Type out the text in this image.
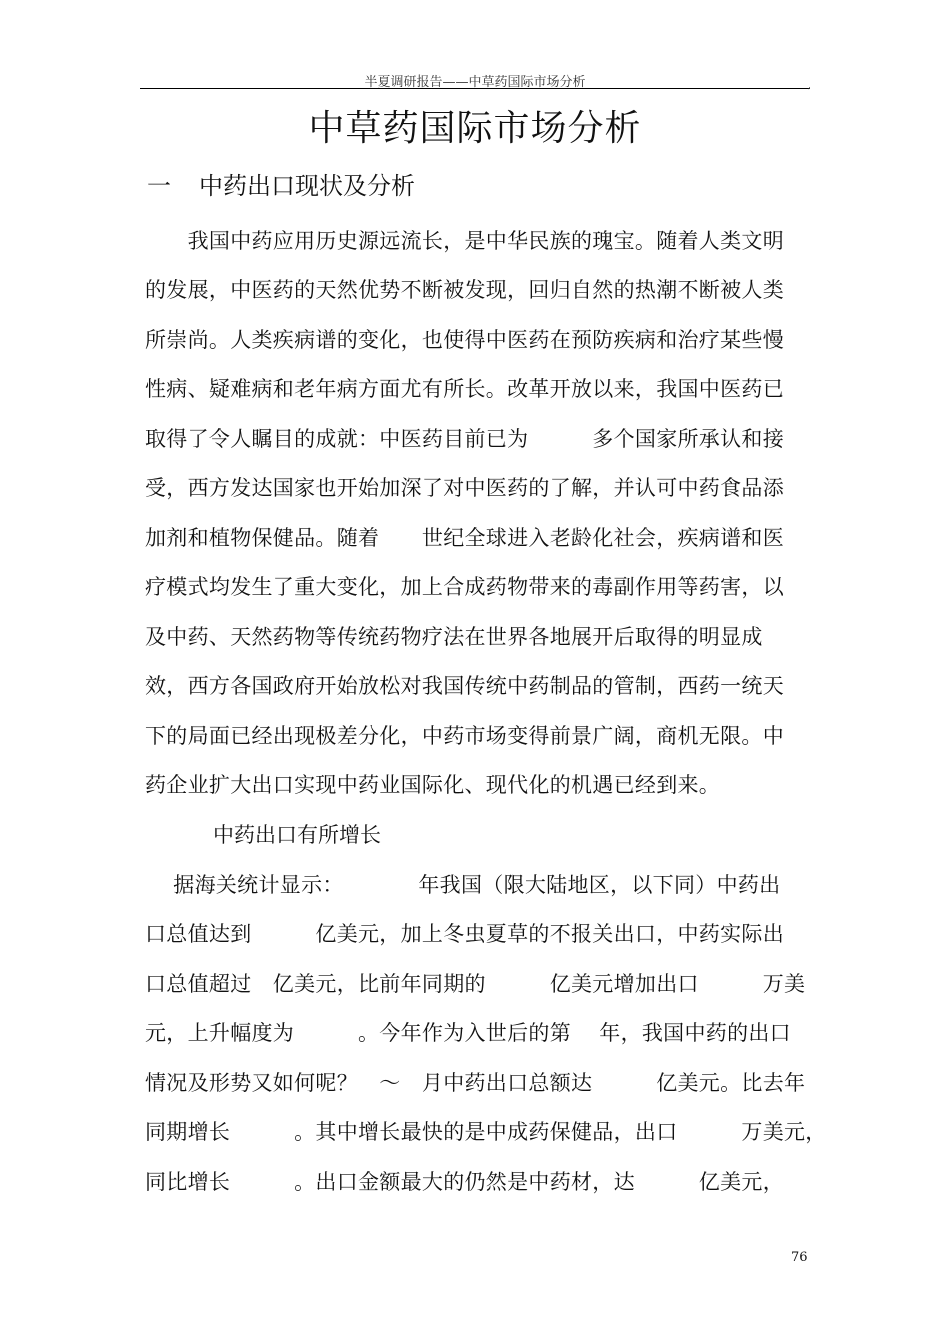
半夏调研报告——中草药国际市场分析	,
中草药国际市场分析
一 中药出口现状及分析
　　我国中药应用历史源远流长，是中华民族的瑰宝。随着人类文明
的发展，中医药的天然优势不断被发现，回归自然的热潮不断被人类
所崇尚。人类疾病谱的变化，也使得中医药在预防疾病和治疗某些慢
性病、疑难病和老年病方面尤有所长。改革开放以来，我国中医药已
取得了令人瞩目的成就：中医药目前已为　　　多个国家所承认和接
受，西方发达国家也开始加深了对中医药的了解，并认可中药食品添
加剂和植物保健品。随着　　世纪全球进入老龄化社会，疾病谱和医
疗模式均发生了重大变化，加上合成药物带来的毒副作用等药害，以
及中药、天然药物等传统药物疗法在世界各地展开后取得的明显成
效，西方各国政府开始放松对我国传统中药制品的管制，西药一统天
下的局面已经出现极差分化，中药市场变得前景广阔，商机无限。中
药企业扩大出口实现中药业国际化、现代化的机遇已经到来。
中药出口有所增长
　 据海关统计显示：　　　　年我国（限大陆地区，以下同）中药出
口总值达到　　　亿美元，加上冬虫夏草的不报关出口，中药实际出
口总值超过　亿美元，比前年同期的　　　亿美元增加出口　　　万美
元，上升幅度为　　　。今年作为入世后的第　 年，我国中药的出口
情况及形势又如何呢？　～　月中药出口总额达　　　亿美元。比去年
同期增长　　　。其中增长最快的是中成药保健品，出口　　　万美元，
同比增长　　　。出口金额最大的仍然是中药材，达　　　亿美元，
76
